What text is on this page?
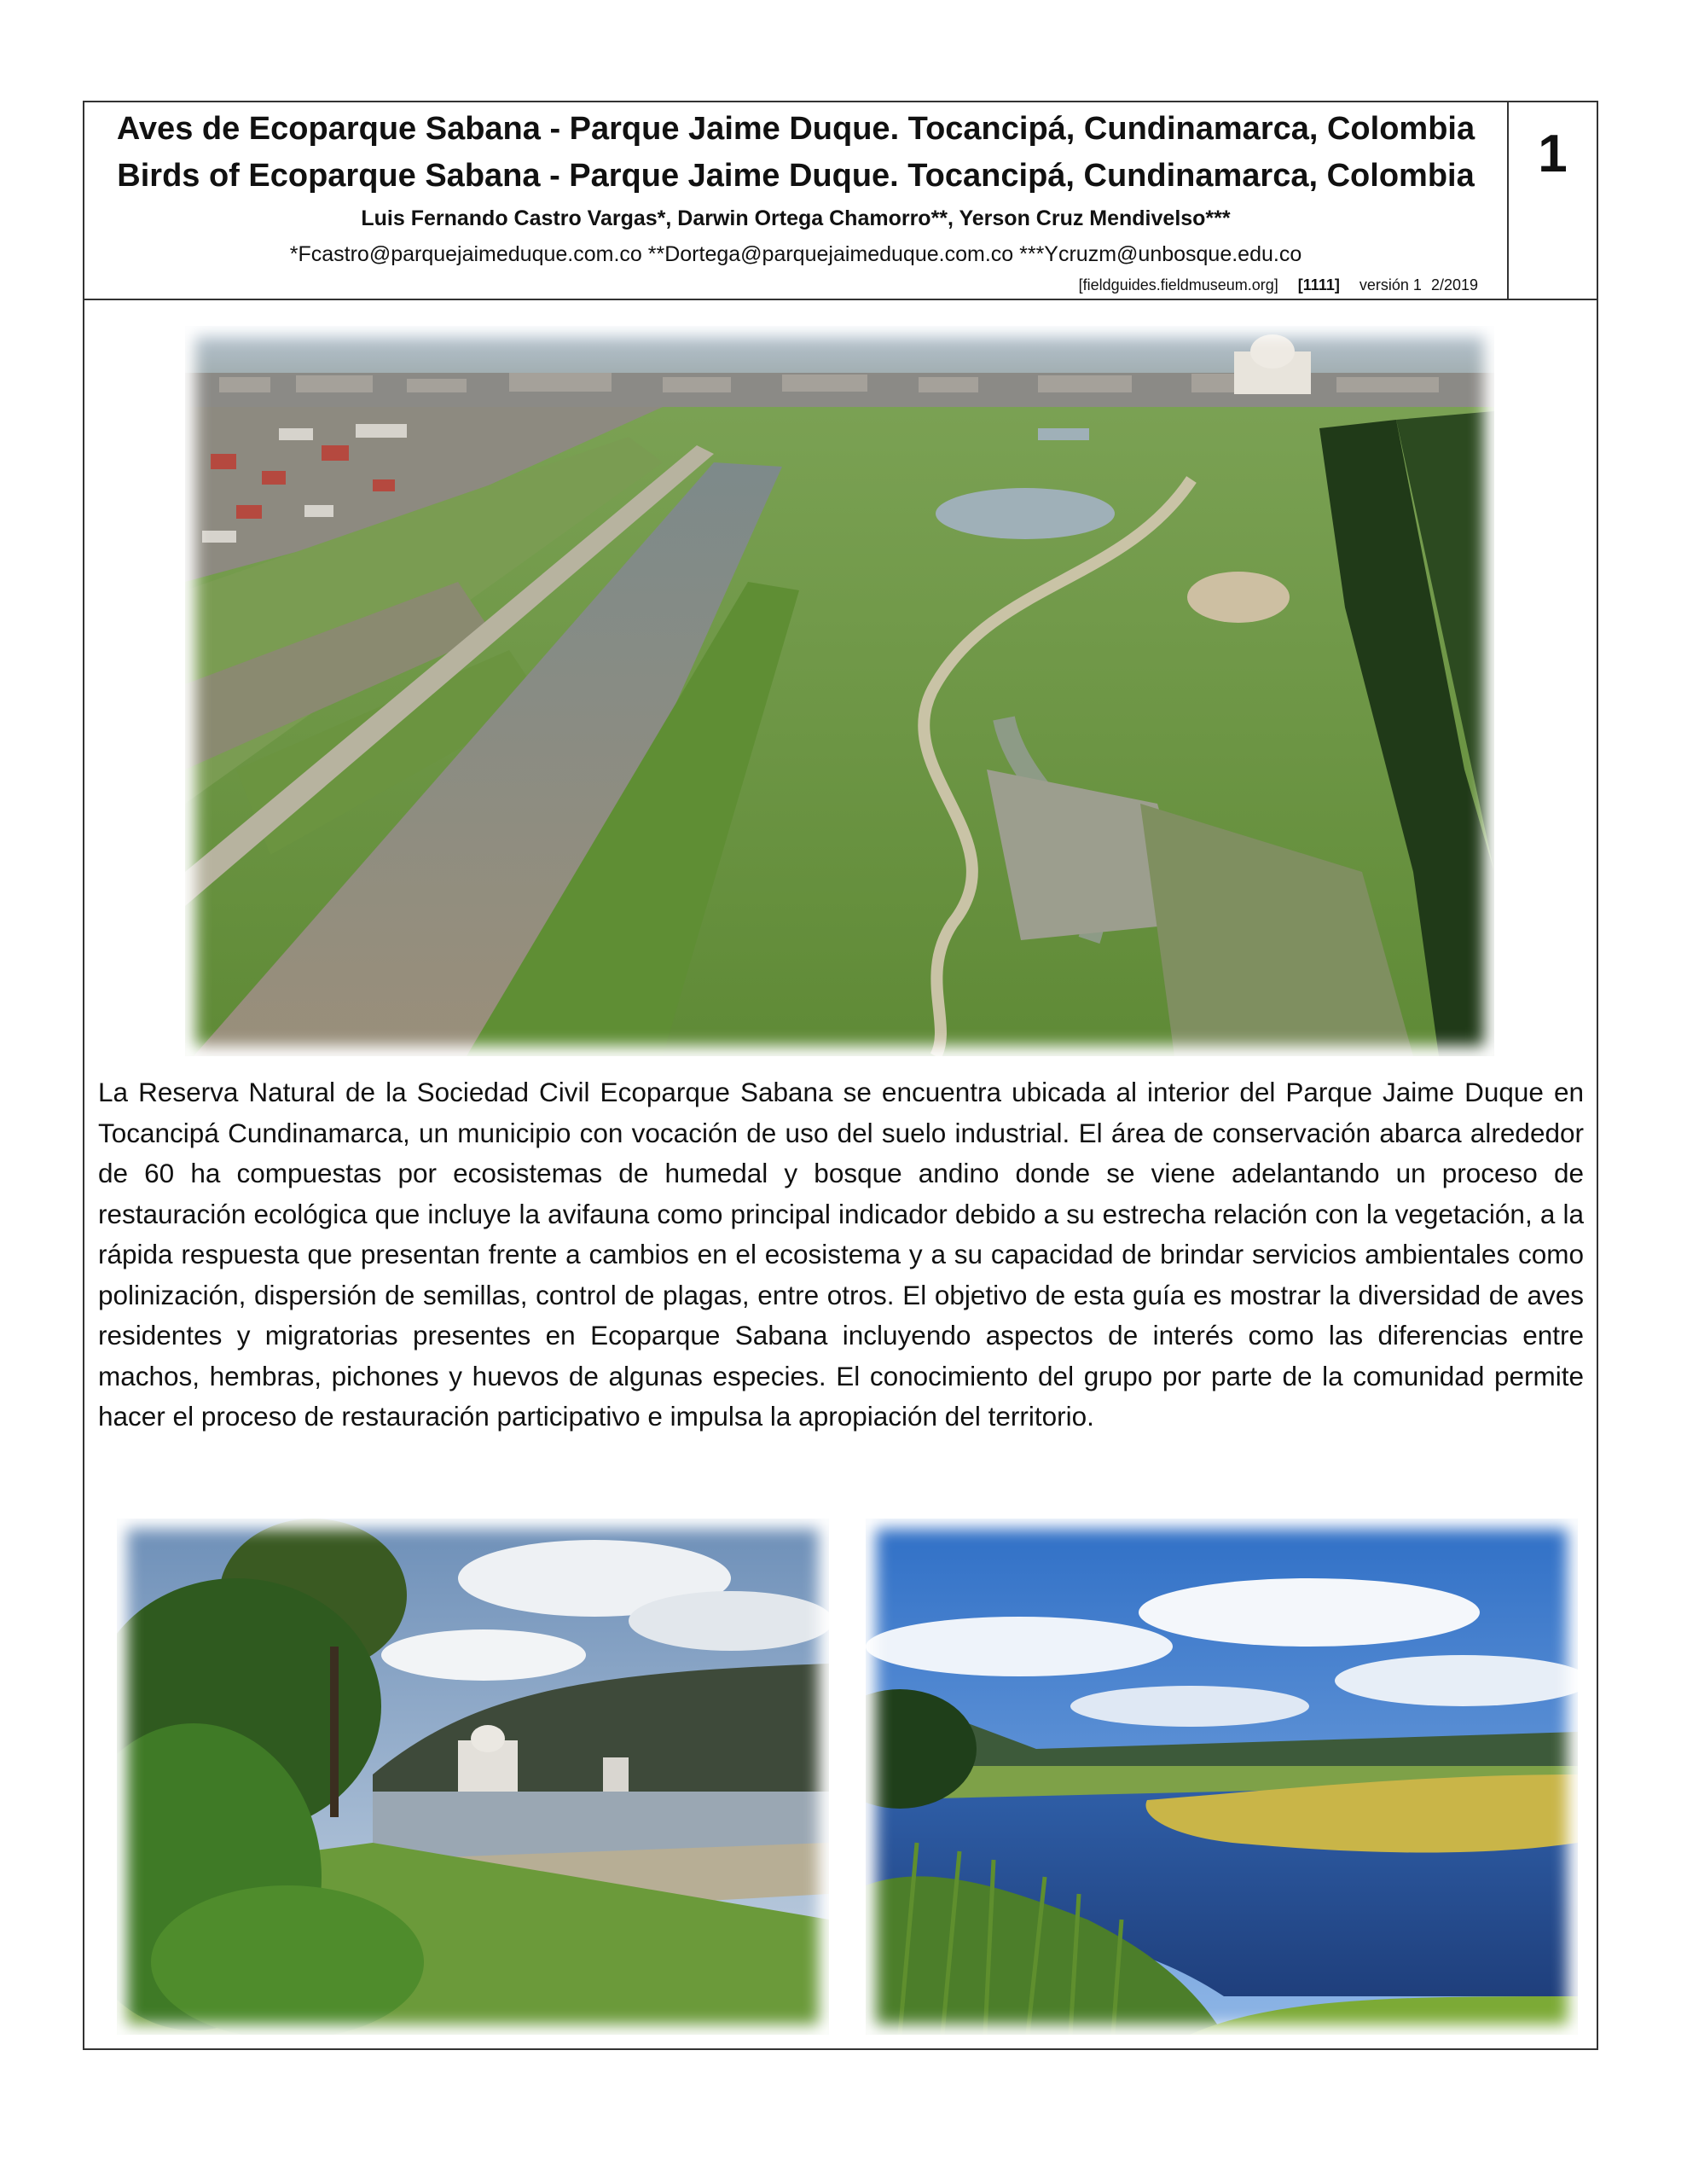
Aves de Ecoparque Sabana - Parque Jaime Duque. Tocancipá, Cundinamarca, Colombia

Birds of Ecoparque Sabana - Parque Jaime Duque. Tocancipá, Cundinamarca, Colombia

Luis Fernando Castro Vargas*, Darwin Ortega Chamorro**, Yerson Cruz Mendivelso***

*Fcastro@parquejaimeduque.com.co **Dortega@parquejaimeduque.com.co ***Ycruzm@unbosque.edu.co

[fieldguides.fieldmuseum.org] [1111] versión 1 2/2019
1

La Reserva Natural de la Sociedad Civil Ecoparque Sabana se encuentra ubicada al interior del Parque Jaime Duque en Tocancipá Cundinamarca, un municipio con vocación de uso del suelo industrial. El área de conservación abarca alrededor de 60 ha compuestas por ecosistemas de humedal y bosque andino donde se viene adelantando un proceso de restauración ecológica que incluye la avifauna como principal indicador debido a su estrecha relación con la vegetación, a la rápida respuesta que presentan frente a cambios en el ecosistema y a su capacidad de brindar servicios ambientales como polinización, dispersión de semillas, control de plagas, entre otros. El objetivo de esta guía es mostrar la diversidad de aves residentes y migratorias presentes en Ecoparque Sabana incluyendo aspectos de interés como las diferencias entre machos, hembras, pichones y huevos de algunas especies. El conocimiento del grupo por parte de la comunidad permite hacer el proceso de restauración participativo e impulsa la apropiación del territorio.
